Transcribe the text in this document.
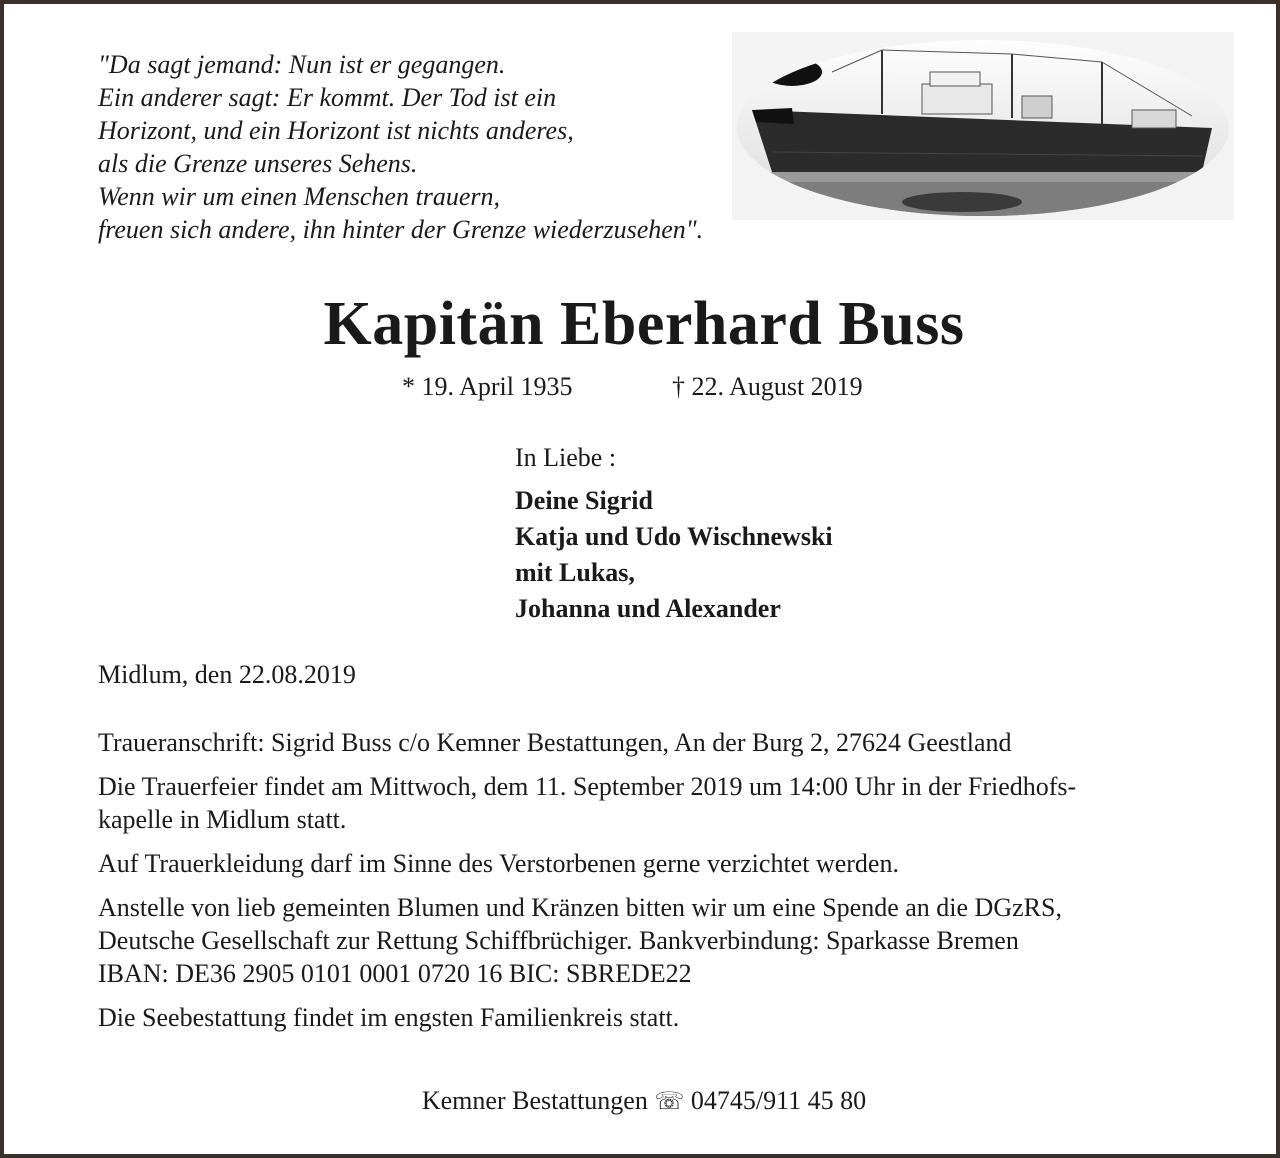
"Da sagt jemand: Nun ist er gegangen.
Ein anderer sagt: Er kommt. Der Tod ist ein
Horizont, und ein Horizont ist nichts anderes,
als die Grenze unseres Sehens.
Wenn wir um einen Menschen trauern,
freuen sich andere, ihn hinter der Grenze wiederzusehen".
Kapitän Eberhard Buss
* 19. April 1935	† 22. August 2019
In Liebe :
Deine Sigrid
Katja und Udo Wischnewski
mit Lukas,
Johanna und Alexander
Midlum, den 22.08.2019

Traueranschrift: Sigrid Buss c/o Kemner Bestattungen, An der Burg 2, 27624 Geestland

Die Trauerfeier findet am Mittwoch, dem 11. September 2019 um 14:00 Uhr in der Friedhofs-
kapelle in Midlum statt.

Auf Trauerkleidung darf im Sinne des Verstorbenen gerne verzichtet werden.

Anstelle von lieb gemeinten Blumen und Kränzen bitten wir um eine Spende an die DGzRS,
Deutsche Gesellschaft zur Rettung Schiffbrüchiger. Bankverbindung: Sparkasse Bremen
IBAN: DE36 2905 0101 0001 0720 16 BIC: SBREDE22

Die Seebestattung findet im engsten Familienkreis statt.

Kemner Bestattungen ☏ 04745/911 45 80
